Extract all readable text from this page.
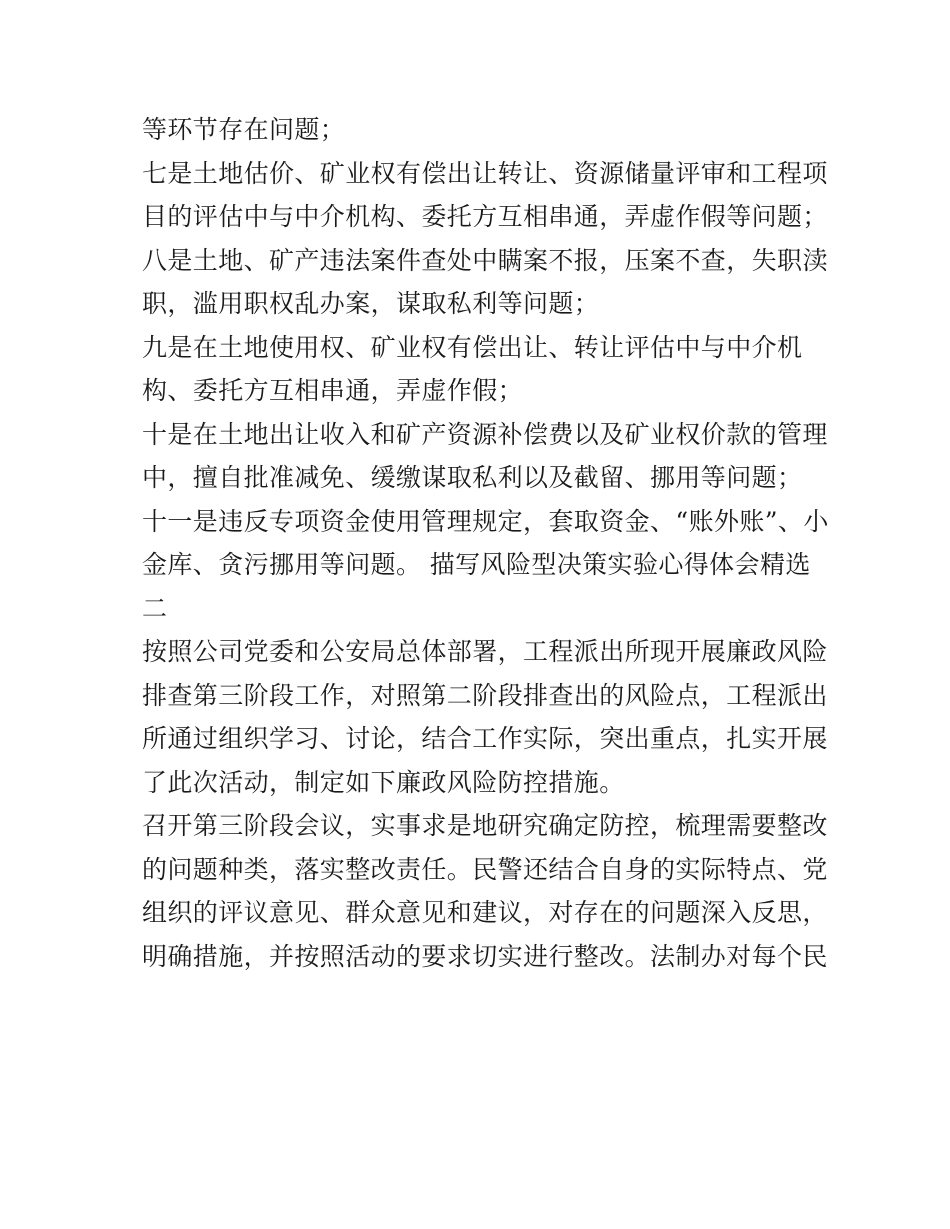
等环节存在问题；
七是土地估价、矿业权有偿出让转让、资源储量评审和工程项
目的评估中与中介机构、委托方互相串通，弄虚作假等问题；
八是土地、矿产违法案件查处中瞒案不报，压案不查，失职渎
职，滥用职权乱办案，谋取私利等问题；
九是在土地使用权、矿业权有偿出让、转让评估中与中介机
构、委托方互相串通，弄虚作假；
十是在土地出让收入和矿产资源补偿费以及矿业权价款的管理
中，擅自批准减免、缓缴谋取私利以及截留、挪用等问题；
十一是违反专项资金使用管理规定，套取资金、“账外账”、小
金库、贪污挪用等问题。 描写风险型决策实验心得体会精选
二
按照公司党委和公安局总体部署，工程派出所现开展廉政风险
排查第三阶段工作，对照第二阶段排查出的风险点，工程派出
所通过组织学习、讨论，结合工作实际，突出重点，扎实开展
了此次活动，制定如下廉政风险防控措施。
召开第三阶段会议，实事求是地研究确定防控，梳理需要整改
的问题种类，落实整改责任。民警还结合自身的实际特点、党
组织的评议意见、群众意见和建议，对存在的问题深入反思，
明确措施，并按照活动的要求切实进行整改。法制办对每个民
